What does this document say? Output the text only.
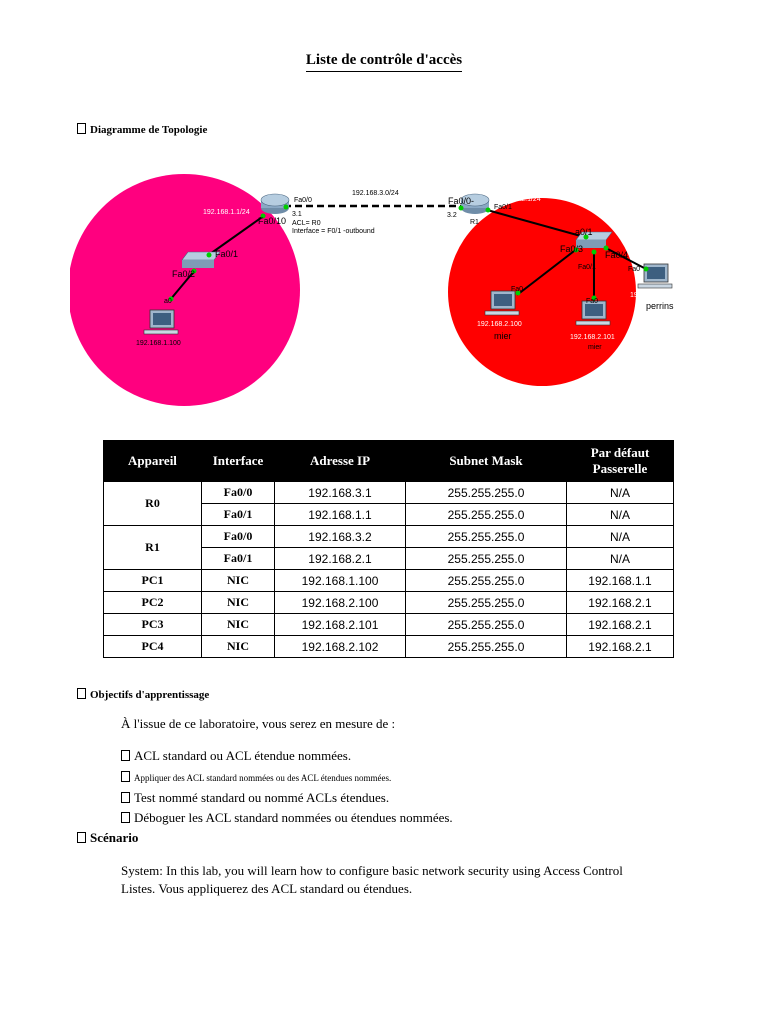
Liste de contrôle d'accès
Diagramme de Topologie
192.168.3.0/24
Fa0/0
192.168.1.1/24
Fa0/10
3.1
ACL= R0
Interface = F0/1 -outbound
Fa0/0-
3.2
R1
192.168.2.1/24
Fa0/1
Fa0/1
Fa0/2
a0
192.168.1.100
a0/1
Fa0/3
Fa0/4
Fa0/1
Fa0
192.168.2.100
mier
Fa0
192.168.2.101
mier
Fa0
192.168.2.102
perrins
Appareil	Interface	Adresse IP	Subnet Mask	Par défaut
Passerelle

R0	Fa0/0	192.168.3.1	255.255.255.0	N/A
	Fa0/1	192.168.1.1	255.255.255.0	N/A
R1	Fa0/0	192.168.3.2	255.255.255.0	N/A
	Fa0/1	192.168.2.1	255.255.255.0	N/A
PC1	NIC	192.168.1.100	255.255.255.0	192.168.1.1
PC2	NIC	192.168.2.100	255.255.255.0	192.168.2.1
PC3	NIC	192.168.2.101	255.255.255.0	192.168.2.1
PC4	NIC	192.168.2.102	255.255.255.0	192.168.2.1
Objectifs d'apprentissage
À l'issue de ce laboratoire, vous serez en mesure de :
ACL standard ou ACL étendue nommées.
Appliquer des ACL standard nommées ou des ACL étendues nommées.
Test nommé standard ou nommé ACLs étendues.
Déboguer les ACL standard nommées ou étendues nommées.
Scénario
System: In this lab, you will learn how to configure basic network security using Access Control
Listes. Vous appliquerez des ACL standard ou étendues.
